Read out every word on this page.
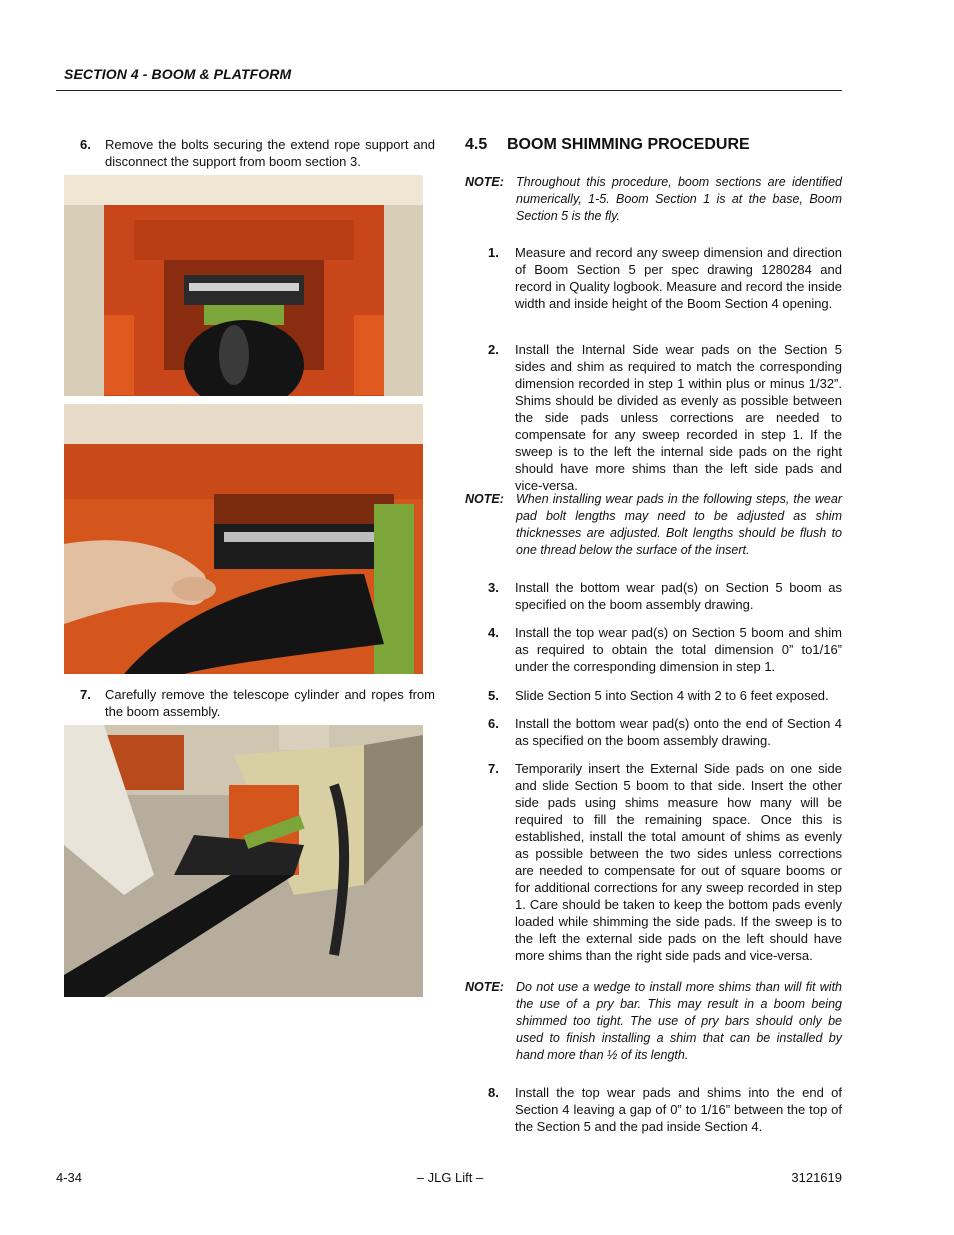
SECTION 4 - BOOM & PLATFORM
6. Remove the bolts securing the extend rope support and disconnect the support from boom section 3.
7. Carefully remove the telescope cylinder and ropes from the boom assembly.
4.5 BOOM SHIMMING PROCEDURE
NOTE: Throughout this procedure, boom sections are identified numerically, 1-5. Boom Section 1 is at the base, Boom Section 5 is the fly.
1. Measure and record any sweep dimension and direction of Boom Section 5 per spec drawing 1280284 and record in Quality logbook. Measure and record the inside width and inside height of the Boom Section 4 opening.
2. Install the Internal Side wear pads on the Section 5 sides and shim as required to match the corresponding dimension recorded in step 1 within plus or minus 1/32”. Shims should be divided as evenly as possible between the side pads unless corrections are needed to compensate for any sweep recorded in step 1. If the sweep is to the left the internal side pads on the right should have more shims than the left side pads and vice-versa.
NOTE: When installing wear pads in the following steps, the wear pad bolt lengths may need to be adjusted as shim thicknesses are adjusted. Bolt lengths should be flush to one thread below the surface of the insert.
3. Install the bottom wear pad(s) on Section 5 boom as specified on the boom assembly drawing.
4. Install the top wear pad(s) on Section 5 boom and shim as required to obtain the total dimension 0” to1/16” under the corresponding dimension in step 1.
5. Slide Section 5 into Section 4 with 2 to 6 feet exposed.
6. Install the bottom wear pad(s) onto the end of Section 4 as specified on the boom assembly drawing.
7. Temporarily insert the External Side pads on one side and slide Section 5 boom to that side. Insert the other side pads using shims measure how many will be required to fill the remaining space. Once this is established, install the total amount of shims as evenly as possible between the two sides unless corrections are needed to compensate for out of square booms or for additional corrections for any sweep recorded in step 1. Care should be taken to keep the bottom pads evenly loaded while shimming the side pads. If the sweep is to the left the external side pads on the left should have more shims than the right side pads and vice-versa.
NOTE: Do not use a wedge to install more shims than will fit with the use of a pry bar. This may result in a boom being shimmed too tight. The use of pry bars should only be used to finish installing a shim that can be installed by hand more than ½ of its length.
8. Install the top wear pads and shims into the end of Section 4 leaving a gap of 0” to 1/16” between the top of the Section 5 and the pad inside Section 4.
4-34	– JLG Lift –	3121619
